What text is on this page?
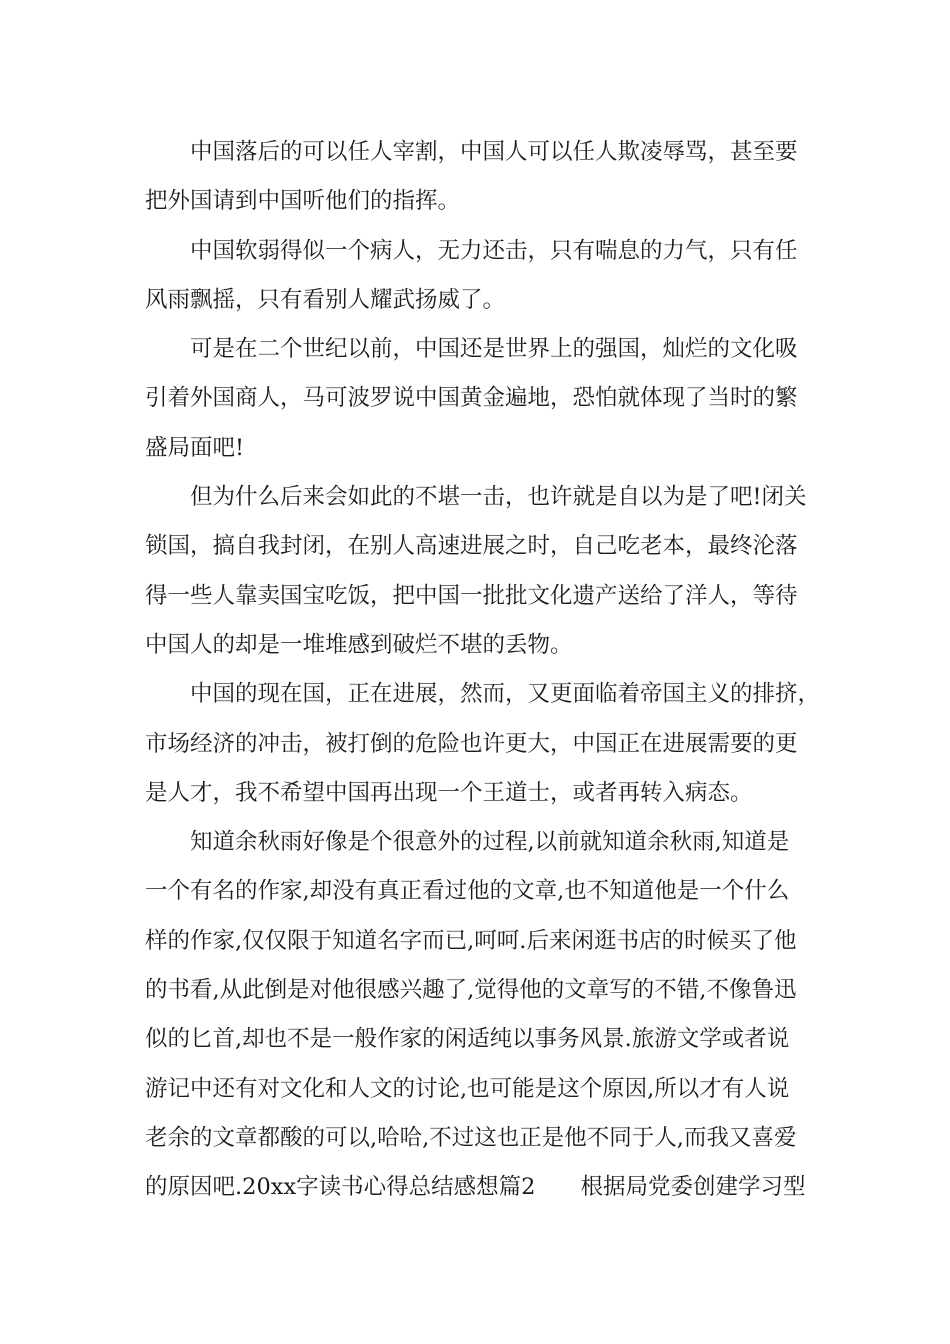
中国落后的可以任人宰割，中国人可以任人欺凌辱骂，甚至要
把外国请到中国听他们的指挥。

中国软弱得似一个病人，无力还击，只有喘息的力气，只有任
风雨飘摇，只有看别人耀武扬威了。

可是在二个世纪以前，中国还是世界上的强国，灿烂的文化吸
引着外国商人，马可波罗说中国黄金遍地，恐怕就体现了当时的繁
盛局面吧!

但为什么后来会如此的不堪一击，也许就是自以为是了吧!闭关
锁国，搞自我封闭，在别人高速进展之时，自己吃老本，最终沦落
得一些人靠卖国宝吃饭，把中国一批批文化遗产送给了洋人，等待
中国人的却是一堆堆感到破烂不堪的丢物。

中国的现在国，正在进展，然而，又更面临着帝国主义的排挤，
市场经济的冲击，被打倒的危险也许更大，中国正在进展需要的更
是人才，我不希望中国再出现一个王道士，或者再转入病态。

知道余秋雨好像是个很意外的过程,以前就知道余秋雨,知道是
一个有名的作家,却没有真正看过他的文章,也不知道他是一个什么
样的作家,仅仅限于知道名字而已,呵呵.后来闲逛书店的时候买了他
的书看,从此倒是对他很感兴趣了,觉得他的文章写的不错,不像鲁迅
似的匕首,却也不是一般作家的闲适纯以事务风景.旅游文学或者说
游记中还有对文化和人文的讨论,也可能是这个原因,所以才有人说
老余的文章都酸的可以,哈哈,不过这也正是他不同于人,而我又喜爱
的原因吧.20xx字读书心得总结感想篇2　　根据局党委创建学习型
